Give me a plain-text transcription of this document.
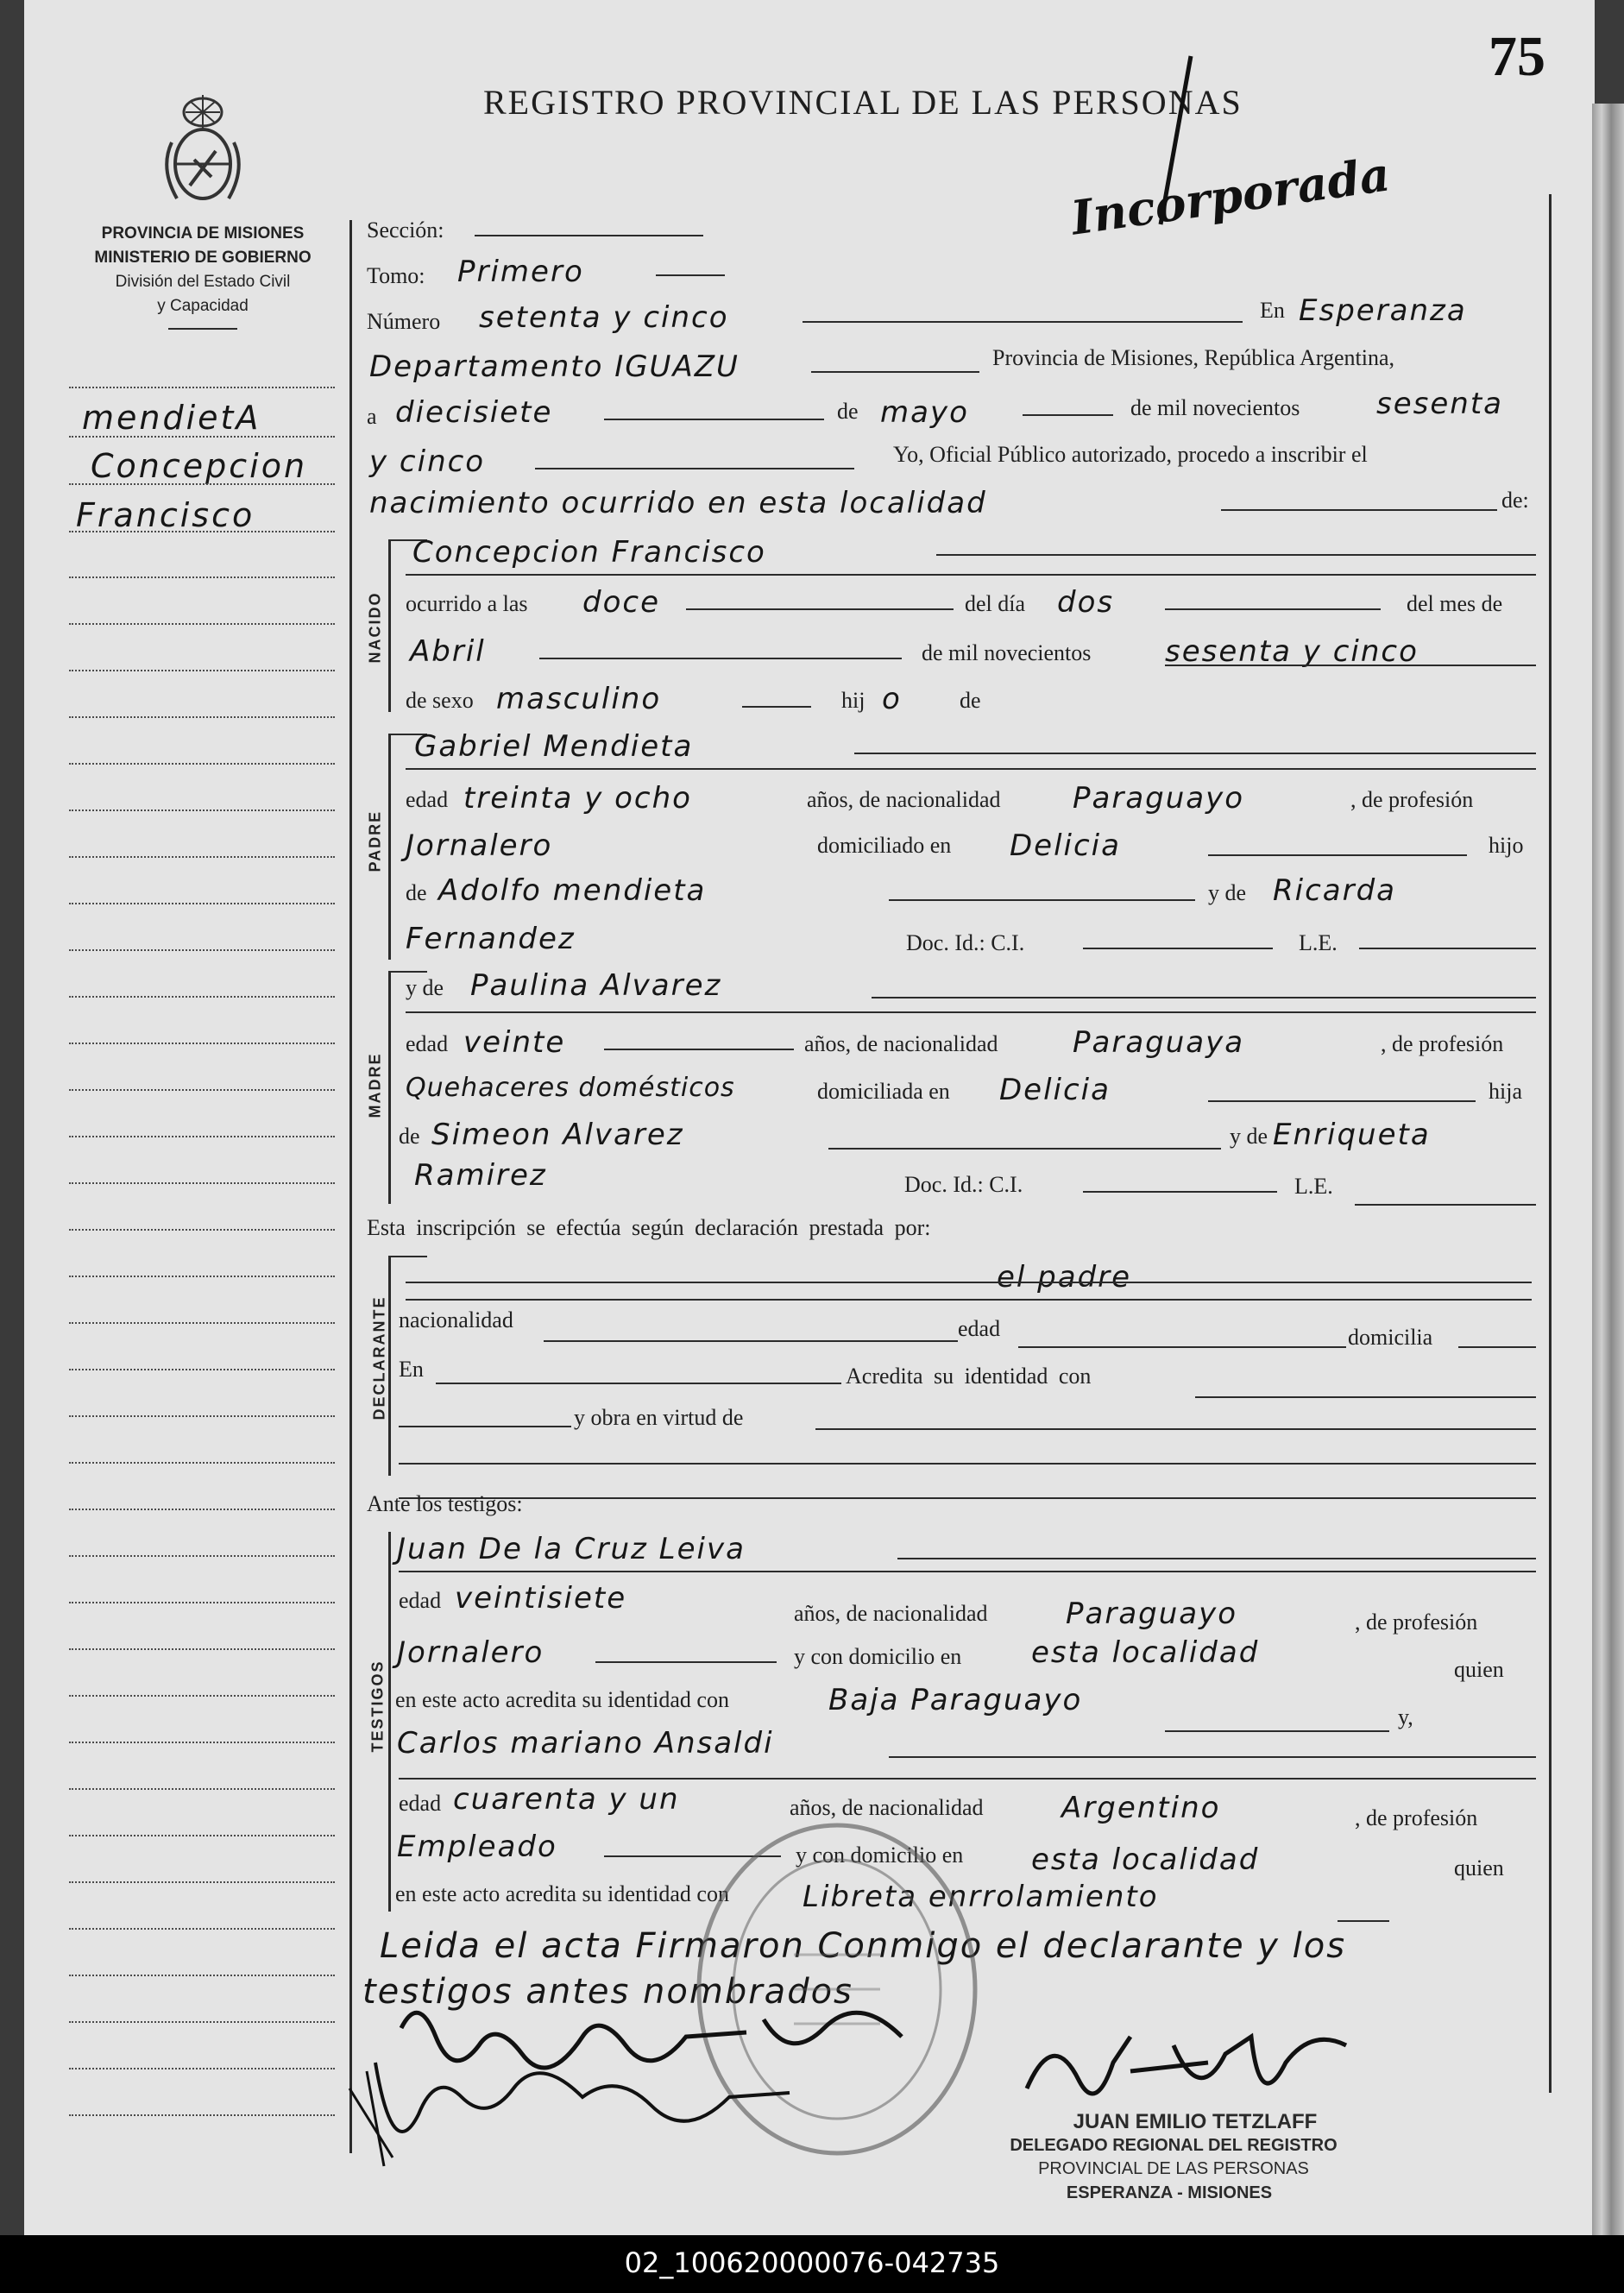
PROVINCIA DE MISIONES
MINISTERIO DE GOBIERNO
División del Estado Civil
y Capacidad
REGISTRO PROVINCIAL DE LAS PERSONAS
75
Incorporada
mendietA
Concepcion
Francisco
Sección:
Tomo: Primero
Número setenta y cinco	En Esperanza
Departamento IGUAZU	Provincia de Misiones, República Argentina,
a diecisiete	de mayo	de mil novecientos	sesenta
y cinco	Yo, Oficial Público autorizado, procedo a inscribir el
nacimiento ocurrido en esta localidad	de:
NACIDO
Concepcion Francisco
ocurrido a las doce	del día dos	del mes de
Abril	de mil novecientos	sesenta y cinco
de sexo masculino	hij o	de
PADRE
Gabriel Mendieta
edad treinta y ocho	años, de nacionalidad Paraguayo	, de profesión
Jornalero	domiciliado en Delicia	hijo
de Adolfo mendieta	y de Ricarda
Fernandez	Doc. Id.: C.I.	L.E.
MADRE
y de Paulina Alvarez
edad veinte	años, de nacionalidad	Paraguaya	, de profesión
Quehaceres domésticos	domiciliada en Delicia	hija
de Simeon Alvarez	y de Enriqueta
Ramirez	Doc. Id.: C.I.	L.E.
Esta inscripción se efectúa según declaración prestada por:
DECLARANTE
el padre
nacionalidad	edad	domicilia
En	Acredita su identidad con
y obra en virtud de
Ante los testigos:
TESTIGOS
Juan De la Cruz Leiva
edad veintisiete	años, de nacionalidad	Paraguayo	, de profesión
Jornalero	y con domicilio en esta localidad	quien
en este acto acredita su identidad con	Baja Paraguayo	y,
Carlos mariano Ansaldi
edad cuarenta y un	años, de nacionalidad	Argentino	, de profesión
Empleado	y con domicilio en esta localidad	quien
en este acto acredita su identidad con	Libreta enrrolamiento
Leida el acta Firmaron Conmigo el declarante y los
testigos antes nombrados
JUAN EMILIO TETZLAFF
DELEGADO REGIONAL DEL REGISTRO
PROVINCIAL DE LAS PERSONAS
ESPERANZA - MISIONES
02_100620000076-042735
